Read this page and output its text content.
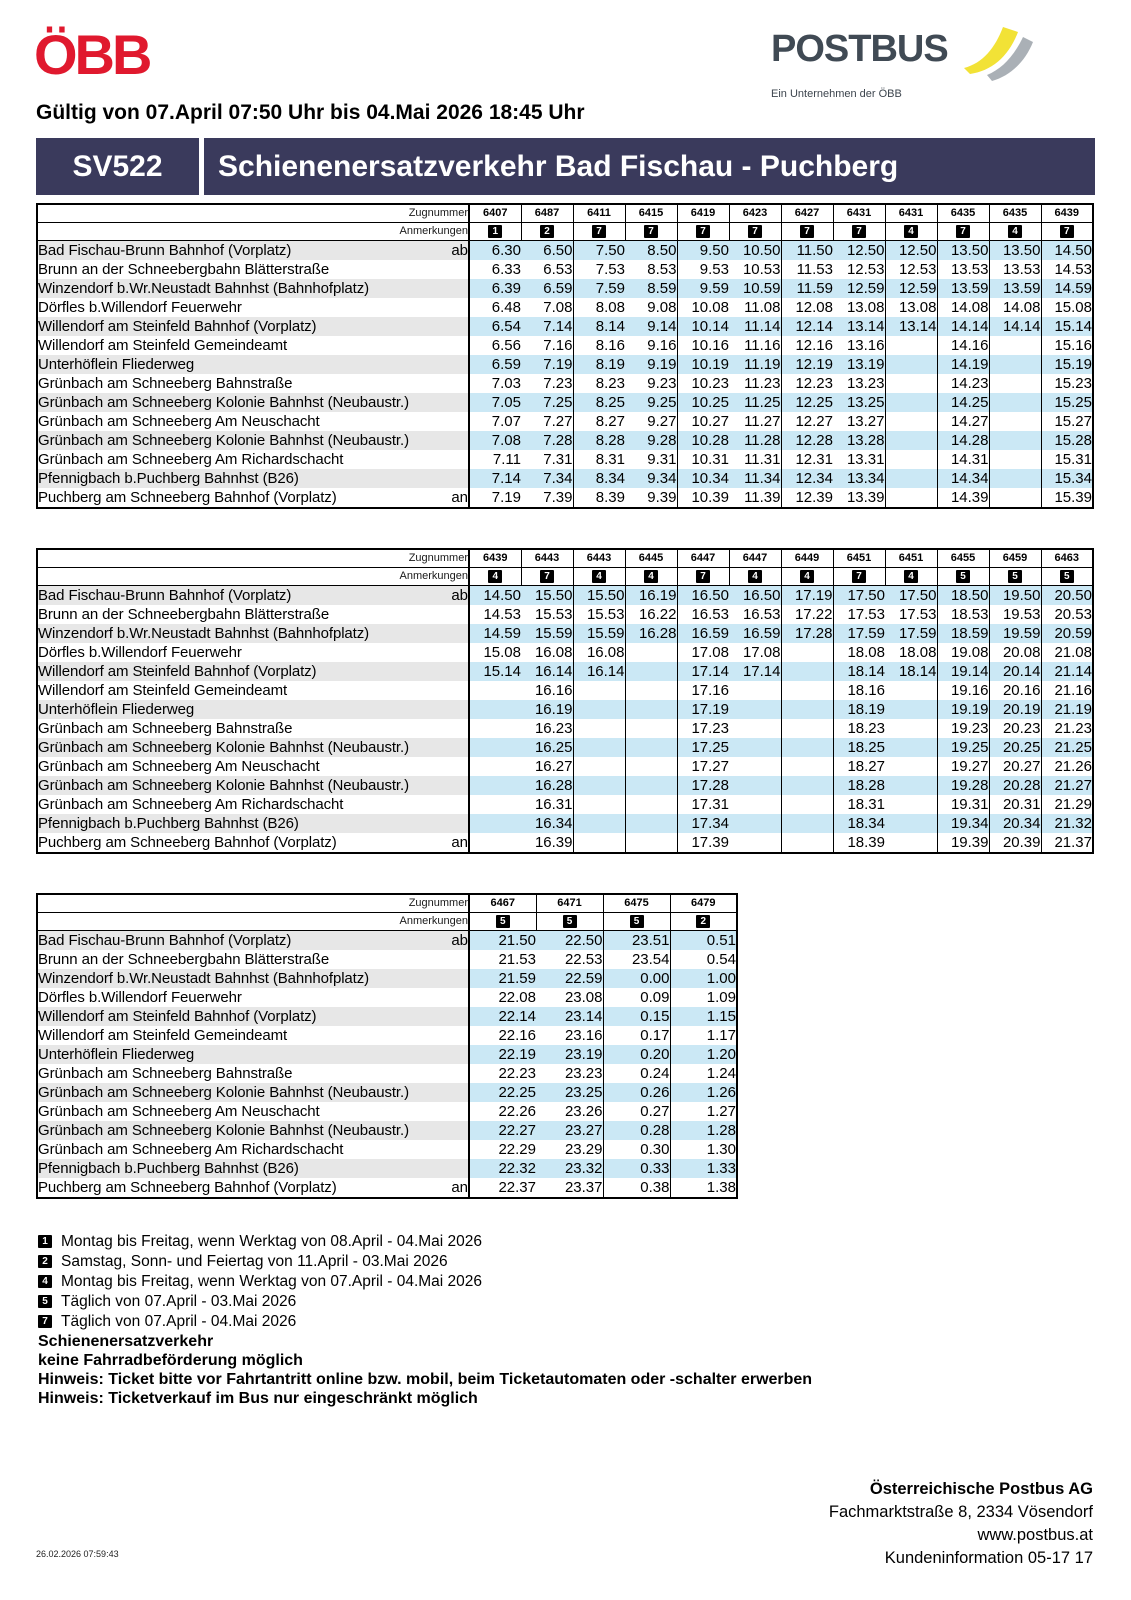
ÖBB	POSTBUS
Ein Unternehmen der ÖBB
Gültig von 07.April 07:50 Uhr bis 04.Mai 2026 18:45 Uhr
SV522	Schienenersatzverkehr Bad Fischau - Puchberg
Zugnummer		6407	6487	6411	6415	6419	6423	6427	6431	6431	6435	6435	6439
Anmerkungen		1	2	7	7	7	7	7	7	4	7	4	7
Bad Fischau-Brunn Bahnhof (Vorplatz)	ab	6.30	6.50	7.50	8.50	9.50	10.50	11.50	12.50	12.50	13.50	13.50	14.50
Brunn an der Schneebergbahn Blätterstraße		6.33	6.53	7.53	8.53	9.53	10.53	11.53	12.53	12.53	13.53	13.53	14.53
Winzendorf b.Wr.Neustadt Bahnhst (Bahnhofplatz)		6.39	6.59	7.59	8.59	9.59	10.59	11.59	12.59	12.59	13.59	13.59	14.59
Dörfles b.Willendorf Feuerwehr		6.48	7.08	8.08	9.08	10.08	11.08	12.08	13.08	13.08	14.08	14.08	15.08
Willendorf am Steinfeld Bahnhof (Vorplatz)		6.54	7.14	8.14	9.14	10.14	11.14	12.14	13.14	13.14	14.14	14.14	15.14
Willendorf am Steinfeld Gemeindeamt		6.56	7.16	8.16	9.16	10.16	11.16	12.16	13.16		14.16		15.16
Unterhöflein Fliederweg		6.59	7.19	8.19	9.19	10.19	11.19	12.19	13.19		14.19		15.19
Grünbach am Schneeberg Bahnstraße		7.03	7.23	8.23	9.23	10.23	11.23	12.23	13.23		14.23		15.23
Grünbach am Schneeberg Kolonie Bahnhst (Neubaustr.)		7.05	7.25	8.25	9.25	10.25	11.25	12.25	13.25		14.25		15.25
Grünbach am Schneeberg Am Neuschacht		7.07	7.27	8.27	9.27	10.27	11.27	12.27	13.27		14.27		15.27
Grünbach am Schneeberg Kolonie Bahnhst (Neubaustr.)		7.08	7.28	8.28	9.28	10.28	11.28	12.28	13.28		14.28		15.28
Grünbach am Schneeberg Am Richardschacht		7.11	7.31	8.31	9.31	10.31	11.31	12.31	13.31		14.31		15.31
Pfennigbach b.Puchberg Bahnhst (B26)		7.14	7.34	8.34	9.34	10.34	11.34	12.34	13.34		14.34		15.34
Puchberg am Schneeberg Bahnhof (Vorplatz)	an	7.19	7.39	8.39	9.39	10.39	11.39	12.39	13.39		14.39		15.39
Zugnummer		6439	6443	6443	6445	6447	6447	6449	6451	6451	6455	6459	6463
Anmerkungen		4	7	4	4	7	4	4	7	4	5	5	5
Bad Fischau-Brunn Bahnhof (Vorplatz)	ab	14.50	15.50	15.50	16.19	16.50	16.50	17.19	17.50	17.50	18.50	19.50	20.50
Brunn an der Schneebergbahn Blätterstraße		14.53	15.53	15.53	16.22	16.53	16.53	17.22	17.53	17.53	18.53	19.53	20.53
Winzendorf b.Wr.Neustadt Bahnhst (Bahnhofplatz)		14.59	15.59	15.59	16.28	16.59	16.59	17.28	17.59	17.59	18.59	19.59	20.59
Dörfles b.Willendorf Feuerwehr		15.08	16.08	16.08		17.08	17.08		18.08	18.08	19.08	20.08	21.08
Willendorf am Steinfeld Bahnhof (Vorplatz)		15.14	16.14	16.14		17.14	17.14		18.14	18.14	19.14	20.14	21.14
Willendorf am Steinfeld Gemeindeamt			16.16			17.16			18.16		19.16	20.16	21.16
Unterhöflein Fliederweg			16.19			17.19			18.19		19.19	20.19	21.19
Grünbach am Schneeberg Bahnstraße			16.23			17.23			18.23		19.23	20.23	21.23
Grünbach am Schneeberg Kolonie Bahnhst (Neubaustr.)			16.25			17.25			18.25		19.25	20.25	21.25
Grünbach am Schneeberg Am Neuschacht			16.27			17.27			18.27		19.27	20.27	21.26
Grünbach am Schneeberg Kolonie Bahnhst (Neubaustr.)			16.28			17.28			18.28		19.28	20.28	21.27
Grünbach am Schneeberg Am Richardschacht			16.31			17.31			18.31		19.31	20.31	21.29
Pfennigbach b.Puchberg Bahnhst (B26)			16.34			17.34			18.34		19.34	20.34	21.32
Puchberg am Schneeberg Bahnhof (Vorplatz)	an		16.39			17.39			18.39		19.39	20.39	21.37
Zugnummer		6467	6471	6475	6479
Anmerkungen		5	5	5	2
Bad Fischau-Brunn Bahnhof (Vorplatz)	ab	21.50	22.50	23.51	0.51
Brunn an der Schneebergbahn Blätterstraße		21.53	22.53	23.54	0.54
Winzendorf b.Wr.Neustadt Bahnhst (Bahnhofplatz)		21.59	22.59	0.00	1.00
Dörfles b.Willendorf Feuerwehr		22.08	23.08	0.09	1.09
Willendorf am Steinfeld Bahnhof (Vorplatz)		22.14	23.14	0.15	1.15
Willendorf am Steinfeld Gemeindeamt		22.16	23.16	0.17	1.17
Unterhöflein Fliederweg		22.19	23.19	0.20	1.20
Grünbach am Schneeberg Bahnstraße		22.23	23.23	0.24	1.24
Grünbach am Schneeberg Kolonie Bahnhst (Neubaustr.)		22.25	23.25	0.26	1.26
Grünbach am Schneeberg Am Neuschacht		22.26	23.26	0.27	1.27
Grünbach am Schneeberg Kolonie Bahnhst (Neubaustr.)		22.27	23.27	0.28	1.28
Grünbach am Schneeberg Am Richardschacht		22.29	23.29	0.30	1.30
Pfennigbach b.Puchberg Bahnhst (B26)		22.32	23.32	0.33	1.33
Puchberg am Schneeberg Bahnhof (Vorplatz)	an	22.37	23.37	0.38	1.38
1 Montag bis Freitag, wenn Werktag von 08.April - 04.Mai 2026
2 Samstag, Sonn- und Feiertag von 11.April - 03.Mai 2026
4 Montag bis Freitag, wenn Werktag von 07.April - 04.Mai 2026
5 Täglich von 07.April - 03.Mai 2026
7 Täglich von 07.April - 04.Mai 2026
Schienenersatzverkehr
keine Fahrradbeförderung möglich
Hinweis: Ticket bitte vor Fahrtantritt online bzw. mobil, beim Ticketautomaten oder -schalter erwerben
Hinweis: Ticketverkauf im Bus nur eingeschränkt möglich
Österreichische Postbus AG
Fachmarktstraße 8, 2334 Vösendorf
www.postbus.at
Kundeninformation 05-17 17
26.02.2026 07:59:43
